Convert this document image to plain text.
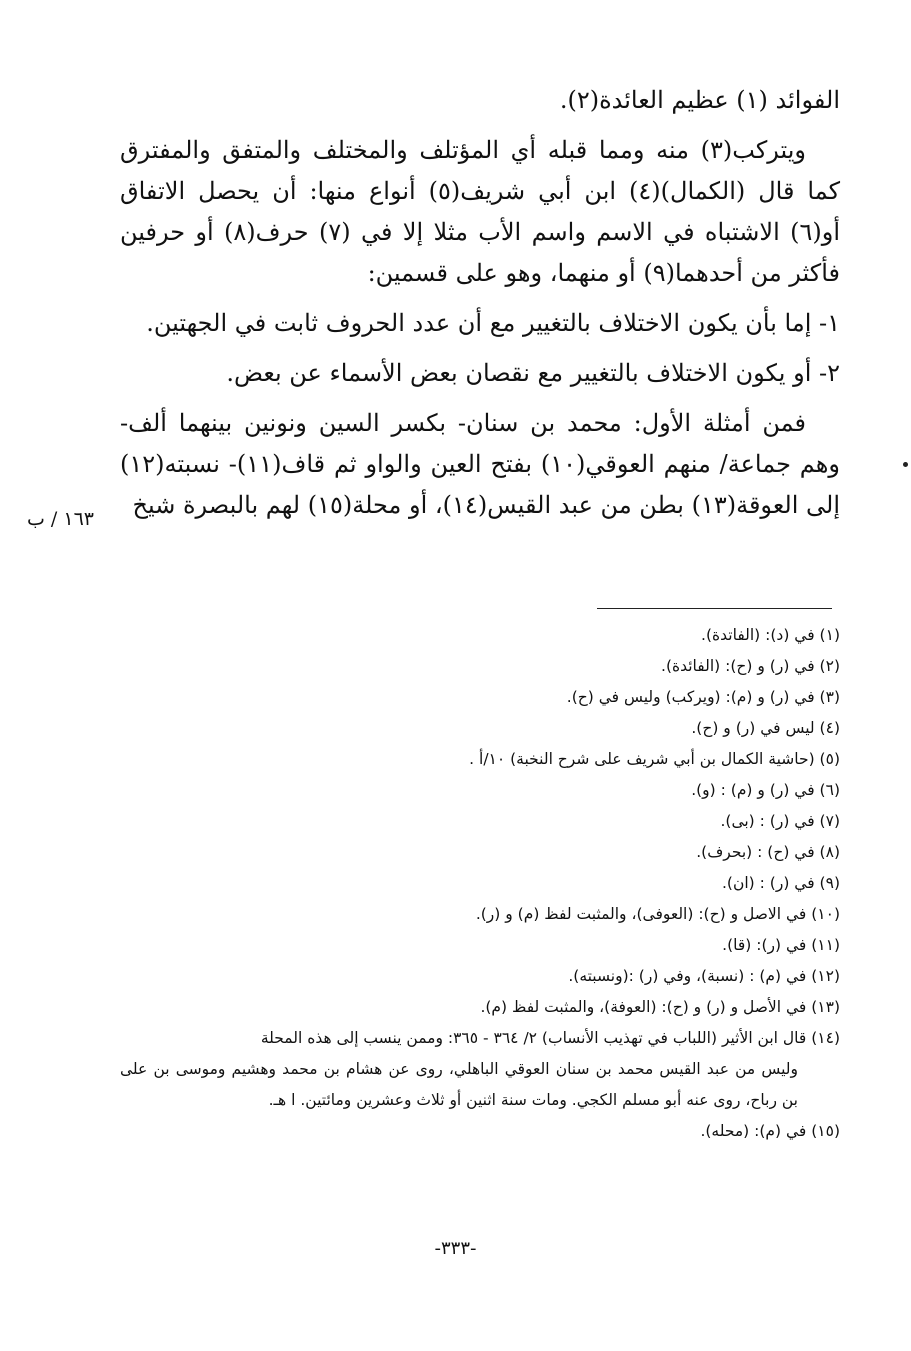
الفوائد (١) عظيم العائدة(٢).

ويتركب(٣) منه ومما قبله أي المؤتلف والمختلف والمتفق والمفترق كما قال (الكمال)(٤) ابن أبي شريف(٥) أنواع منها: أن يحصل الاتفاق أو(٦) الاشتباه في الاسم واسم الأب مثلا إلا في (٧) حرف(٨) أو حرفين فأكثر من أحدهما(٩) أو منهما، وهو على قسمين:

١- إما بأن يكون الاختلاف بالتغيير مع أن عدد الحروف ثابت في الجهتين.

٢- أو يكون الاختلاف بالتغيير مع نقصان بعض الأسماء عن بعض.

فمن أمثلة الأول: محمد بن سنان- بكسر السين ونونين بينهما ألف- وهم جماعة/ منهم العوقي(١٠) بفتح العين والواو ثم قاف(١١)- نسبته(١٢) إلى العوقة(١٣) بطن من عبد القيس(١٤)، أو محلة(١٥) لهم بالبصرة شيخ

١٦٣ / ب

(١) في (د): (الفاتدة).

(٢) في (ر) و (ح): (الفائدة).

(٣) في (ر) و (م): (ويركب) وليس في (ح).

(٤) ليس في (ر) و (ح).

(٥) (حاشية الكمال بن أبي شريف على شرح النخبة) ١٠/أ .

(٦) في (ر) و (م) : (و).

(٧) في (ر) : (بى).

(٨) في (ح) : (بحرف).

(٩) في (ر) : (ان).

(١٠) في الاصل و (ح): (العوفى)، والمثبت لفظ (م) و (ر).

(١١) في (ر): (قا).

(١٢) في (م) : (نسبة)، وفي (ر) :(ونسبته).

(١٣) في الأصل و (ر) و (ح): (العوفة)، والمثبت لفظ (م).

(١٤) قال ابن الأثير (اللباب في تهذيب الأنساب) ٢/ ٣٦٤ - ٣٦٥: وممن ينسب إلى هذه المحلة
وليس من عبد القيس محمد بن سنان العوقي الباهلي، روى عن هشام بن محمد وهشيم وموسى بن على بن رباح، روى عنه أبو مسلم الكجي. ومات سنة اثنين أو ثلاث وعشرين ومائتين. ا هـ.

(١٥) في (م): (محله).

-٣٣٣-
